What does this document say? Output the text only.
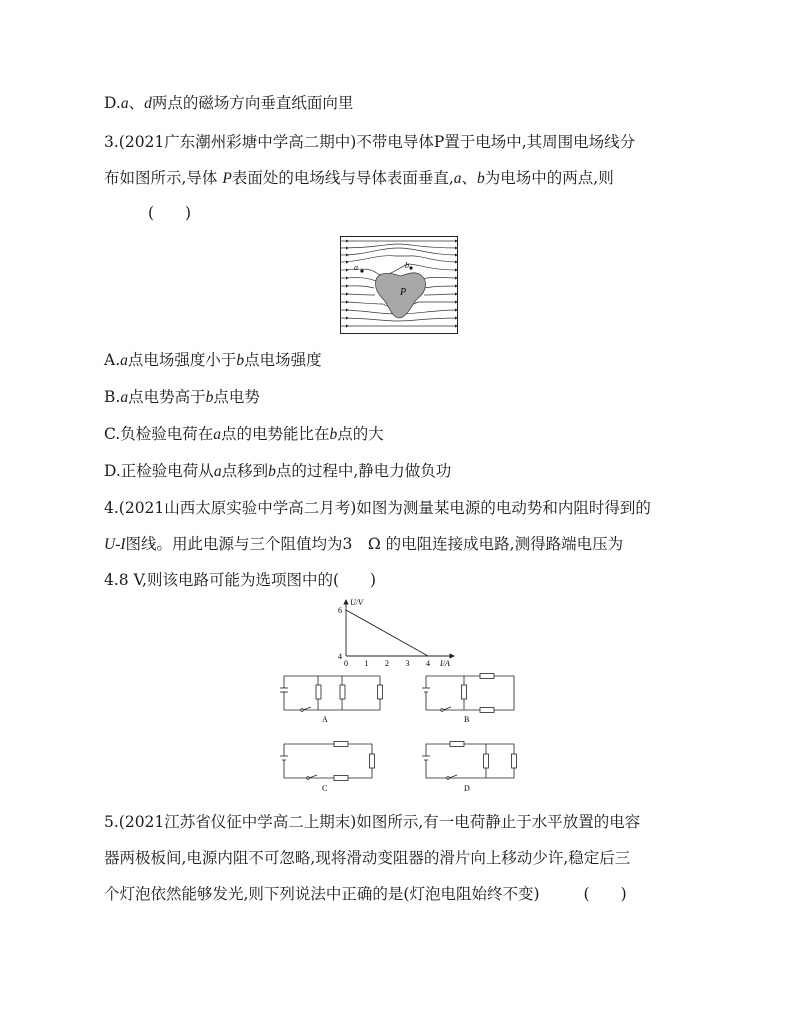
D.a、d两点的磁场方向垂直纸面向里
3.(2021广东潮州彩塘中学高二期中)不带电导体P置于电场中,其周围电场线分
布如图所示,导体 P表面处的电场线与导体表面垂直,a、b为电场中的两点,则
(　　)
a	b
P
A.a点电场强度小于b点电场强度
B.a点电势高于b点电势
C.负检验电荷在a点的电势能比在b点的大
D.正检验电荷从a点移到b点的过程中,静电力做负功
4.(2021山西太原实验中学高二月考)如图为测量某电源的电动势和内阻时得到的
U-I图线。用此电源与三个阻值均为3　Ω 的电阻连接成电路,测得路端电压为
4.8 V,则该电路可能为选项图中的(　　)
0 1 2 3 4
6
4
U/V
I/A
A	B
C	D
5.(2021江苏省仪征中学高二上期末)如图所示,有一电荷静止于水平放置的电容
器两极板间,电源内阻不可忽略,现将滑动变阻器的滑片向上移动少许,稳定后三
个灯泡依然能够发光,则下列说法中正确的是(灯泡电阻始终不变)	(　　)
